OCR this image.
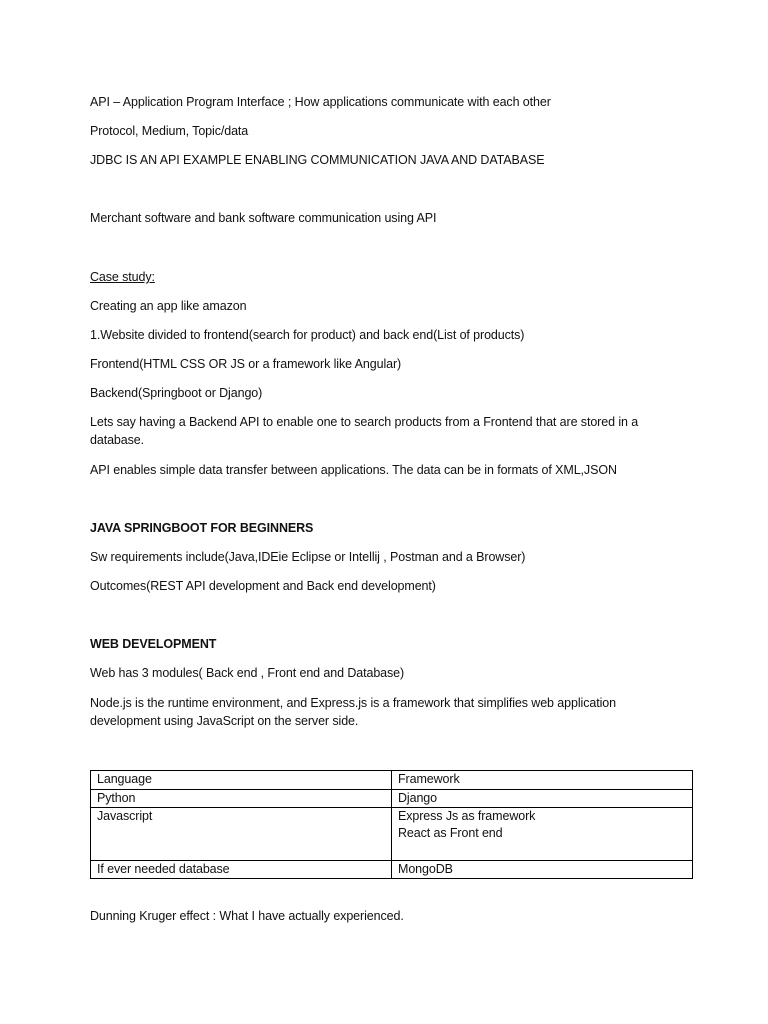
API – Application Program Interface ; How applications communicate with each other
Protocol, Medium, Topic/data
JDBC IS AN API EXAMPLE ENABLING COMMUNICATION JAVA AND DATABASE
Merchant software and bank software communication using API
Case study:
Creating an app like amazon
1.Website divided to frontend(search for product) and back end(List of products)
Frontend(HTML CSS OR JS or a framework like Angular)
Backend(Springboot or Django)
Lets say having a Backend API to enable one to search products from a Frontend that are stored in a database.
API enables simple data transfer between applications. The data can be in formats of XML,JSON
JAVA SPRINGBOOT FOR BEGINNERS
Sw requirements include(Java,IDEie Eclipse or Intellij , Postman and a Browser)
Outcomes(REST API development and Back end development)
WEB DEVELOPMENT
Web has 3 modules( Back end , Front end and Database)
Node.js is the runtime environment, and Express.js is a framework that simplifies web application development using JavaScript on the server side.
Language	Framework
Python	Django

Javascript	Express Js as framework
React as Front end

If ever needed database	MongoDB
Dunning Kruger effect : What I have actually experienced.
